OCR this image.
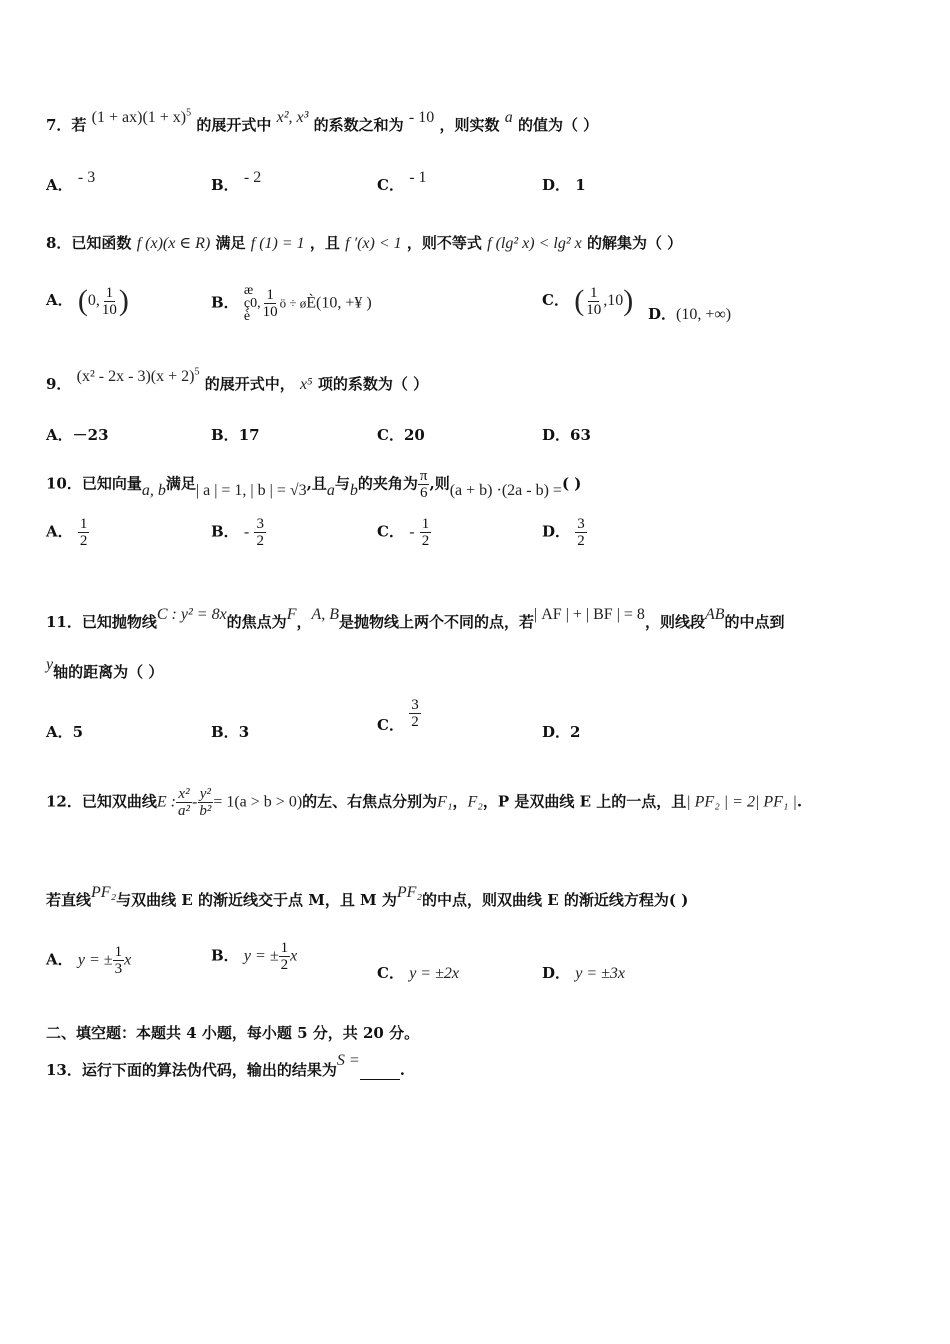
7．若 $(1 + ax)(1 + x)^5$ 的展开式中 x², x³ 的系数之和为 - 10 ，则实数 a 的值为（ ）
A． - 3	B． - 2	C． - 1	D． 1
8．已知函数 f (x)(x ∈ R) 满足 f (1) = 1 ，且 f ′(x) < 1 ，则不等式 f (lg² x) < lg² x 的解集为（ ）
A． (0, $\frac{1}{10}$ )	B．
æ
ç0,
è $\frac{1}{10}$ ö ÷ øÈ(10, +¥ )	C． ( $\frac{1}{10} ,10$) D．(10, +∞)
9． $(x^2 - 2x - 3)(x + 2)^5$ 的展开式中， x⁵ 项的系数为（ ）
A．－23	B．17	C．20	D．63
10．已知向量a, b满足| a | = 1, | b | = √3,且a与b的夹角为 $\frac{\pi}{6}$ ,则(a + b) ·(2a - b) =( )
A． $\frac{1}{2}$	B． - $\frac{3}{2}$	C． - $\frac{1}{2}$	D． $\frac{3}{2}$
11．已知抛物线C : y² = 8x的焦点为F，A, B是抛物线上两个不同的点，若| AF | + | BF | = 8，则线段AB的中点到
y轴的距离为（ ）
A．5	B．3	C． $\frac{3}{2}$
D．2
12．已知双曲线E : $\frac{\text{x²}}{\text{a²}} - \frac{\text{y²}}{\text{b²}} = 1(a > b > 0)$的左、右焦点分别为F₁，F₂，P 是双曲线 E 上的一点，且| PF₂ | = 2| PF₁ |.
若直线PF₂与双曲线 E 的渐近线交于点 M，且 M 为PF₂的中点，则双曲线 E 的渐近线方程为( )
A． y = ± $\frac{1}{3}$ x	B． y = ± $\frac{1}{2}$ x
C． y = ±2x	D． y = ±3x
二、填空题：本题共 4 小题，每小题 5 分，共 20 分。
13．运行下面的算法伪代码，输出的结果为S =.
